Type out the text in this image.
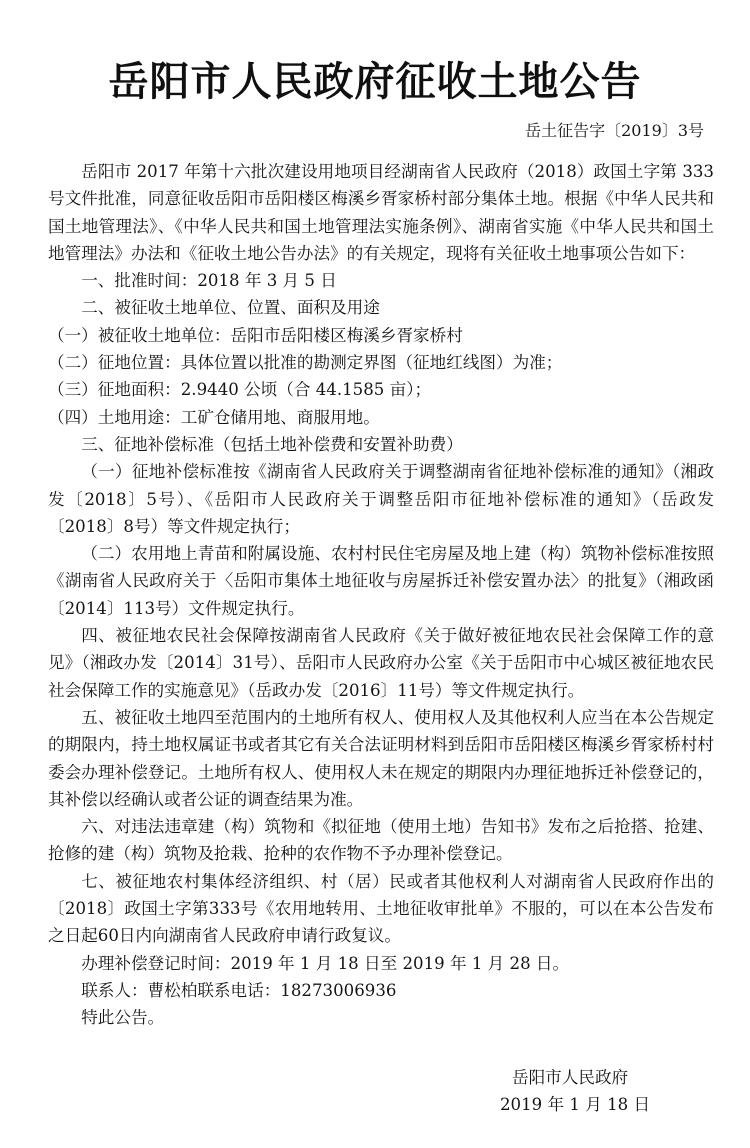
岳阳市人民政府征收土地公告
岳土征告字〔2019〕3号

岳阳市 2017 年第十六批次建设用地项目经湖南省人民政府（2018）政国土字第 333 号文件批准，同意征收岳阳市岳阳楼区梅溪乡胥家桥村部分集体土地。根据《中华人民共和国土地管理法》、《中华人民共和国土地管理法实施条例》、湖南省实施《中华人民共和国土地管理法》办法和《征收土地公告办法》的有关规定，现将有关征收土地事项公告如下：

一、批准时间：2018 年 3 月 5 日

二、被征收土地单位、位置、面积及用途

（一）被征收土地单位：岳阳市岳阳楼区梅溪乡胥家桥村

（二）征地位置：具体位置以批准的勘测定界图（征地红线图）为准；

（三）征地面积：2.9440 公顷（合 44.1585 亩）；

（四）土地用途：工矿仓储用地、商服用地。

三、征地补偿标准（包括土地补偿费和安置补助费）

（一）征地补偿标准按《湖南省人民政府关于调整湖南省征地补偿标准的通知》（湘政发〔2018〕5号）、《岳阳市人民政府关于调整岳阳市征地补偿标准的通知》（岳政发〔2018〕8号）等文件规定执行；

（二）农用地上青苗和附属设施、农村村民住宅房屋及地上建（构）筑物补偿标准按照《湖南省人民政府关于〈岳阳市集体土地征收与房屋拆迁补偿安置办法〉的批复》（湘政函〔2014〕113号）文件规定执行。

四、被征地农民社会保障按湖南省人民政府《关于做好被征地农民社会保障工作的意见》（湘政办发〔2014〕31号）、岳阳市人民政府办公室《关于岳阳市中心城区被征地农民社会保障工作的实施意见》（岳政办发〔2016〕11号）等文件规定执行。

五、被征收土地四至范围内的土地所有权人、使用权人及其他权利人应当在本公告规定的期限内，持土地权属证书或者其它有关合法证明材料到岳阳市岳阳楼区梅溪乡胥家桥村村委会办理补偿登记。土地所有权人、使用权人未在规定的期限内办理征地拆迁补偿登记的，其补偿以经确认或者公证的调查结果为准。

六、对违法违章建（构）筑物和《拟征地（使用土地）告知书》发布之后抢搭、抢建、抢修的建（构）筑物及抢栽、抢种的农作物不予办理补偿登记。

七、被征地农村集体经济组织、村（居）民或者其他权利人对湖南省人民政府作出的〔2018〕政国土字第333号《农用地转用、土地征收审批单》不服的，可以在本公告发布之日起60日内向湖南省人民政府申请行政复议。

办理补偿登记时间：2019 年 1 月 18 日至 2019 年 1 月 28 日。

联系人：曹松柏联系电话：18273006936

特此公告。

岳阳市人民政府
2019 年 1 月 18 日
